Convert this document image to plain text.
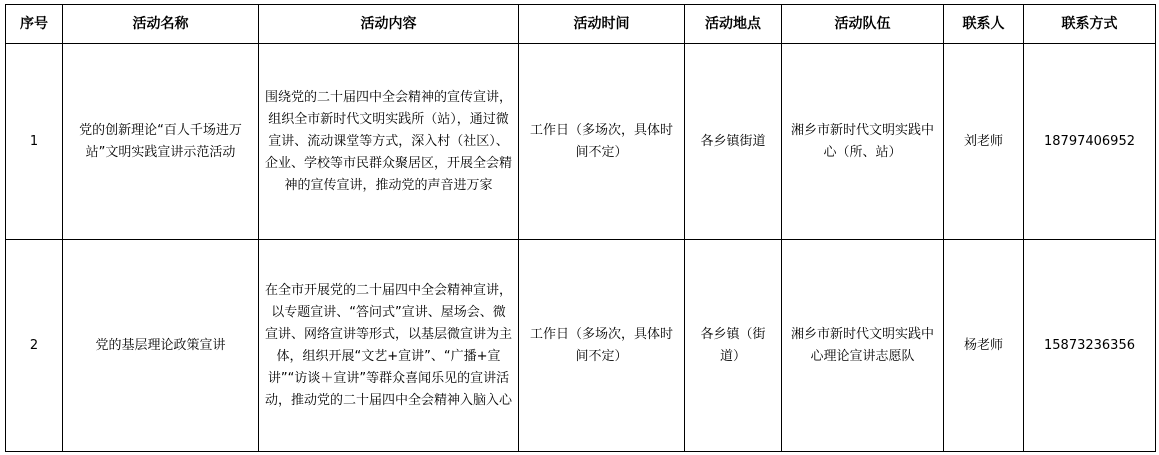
序号	活动名称	活动内容	活动时间	活动地点	活动队伍	联系人	联系方式
1	党的创新理论“百人千场进万站”文明实践宣讲示范活动	围绕党的二十届四中全会精神的宣传宣讲，组织全市新时代文明实践所（站），通过微宣讲、流动课堂等方式，深入村（社区）、企业、学校等市民群众聚居区，开展全会精神的宣传宣讲，推动党的声音进万家	工作日（多场次，具体时间不定）	各乡镇街道	湘乡市新时代文明实践中心（所、站）	刘老师	18797406952
2	党的基层理论政策宣讲	在全市开展党的二十届四中全会精神宣讲，以专题宣讲、“答问式”宣讲、屋场会、微宣讲、网络宣讲等形式，以基层微宣讲为主体，组织开展“文艺+宣讲”、“广播+宣讲”“访谈＋宣讲”等群众喜闻乐见的宣讲活动，推动党的二十届四中全会精神入脑入心	工作日（多场次，具体时间不定）	各乡镇（街道）	湘乡市新时代文明实践中心理论宣讲志愿队	杨老师	15873236356
